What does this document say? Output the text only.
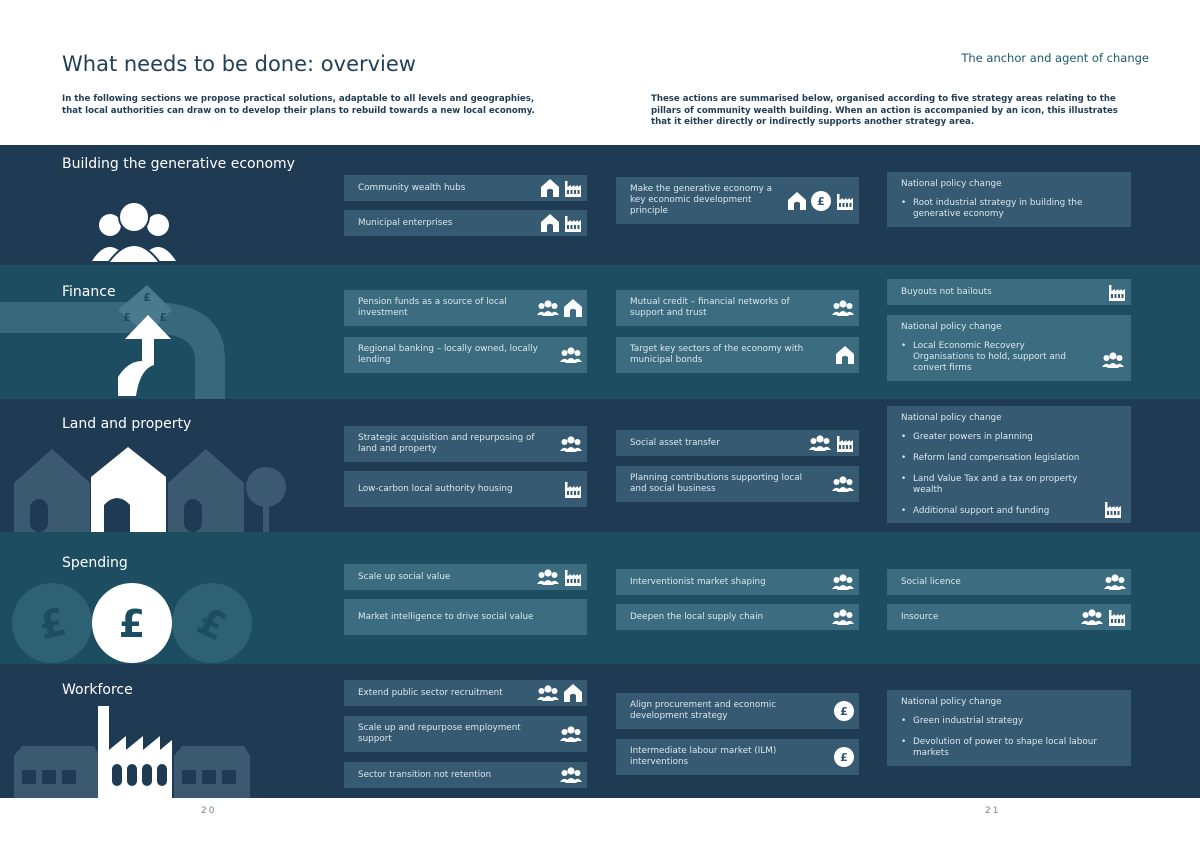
What needs to be done: overview	The anchor and agent of change
In the following sections we propose practical solutions, adaptable to all levels and geographies, that local authorities can draw on to develop their plans to rebuild towards a new local economy.
These actions are summarised below, organised according to five strategy areas relating to the pillars of community wealth building. When an action is accompanied by an icon, this illustrates that it either directly or indirectly supports another strategy area.
Building the generative economy
Community wealth hubs
Municipal enterprises
Make the generative economy a key economic development principle
£
National policy change
• Root industrial strategy in building the generative economy
Finance	£
£	£
Pension funds as a source of local investment
Regional banking – locally owned, locally lending
Mutual credit – financial networks of support and trust
Target key sectors of the economy with municipal bonds
Buyouts not bailouts
National policy change
• Local Economic Recovery Organisations to hold, support and convert firms
Land and property
Strategic acquisition and repurposing of land and property
Low-carbon local authority housing
Social asset transfer
Planning contributions supporting local and social business
National policy change
• Greater powers in planning
• Reform land compensation legislation
• Land Value Tax and a tax on property wealth
• Additional support and funding
Spending
£	£
£
Scale up social value
Market intelligence to drive social value
Interventionist market shaping
Deepen the local supply chain
Social licence
Insource
Workforce	Extend public sector recruitment
Scale up and repurpose employment support
Sector transition not retention
Align procurement and economic development strategy	£
Intermediate labour market (ILM) interventions	£
National policy change
• Green industrial strategy
• Devolution of power to shape local labour markets
20	21
